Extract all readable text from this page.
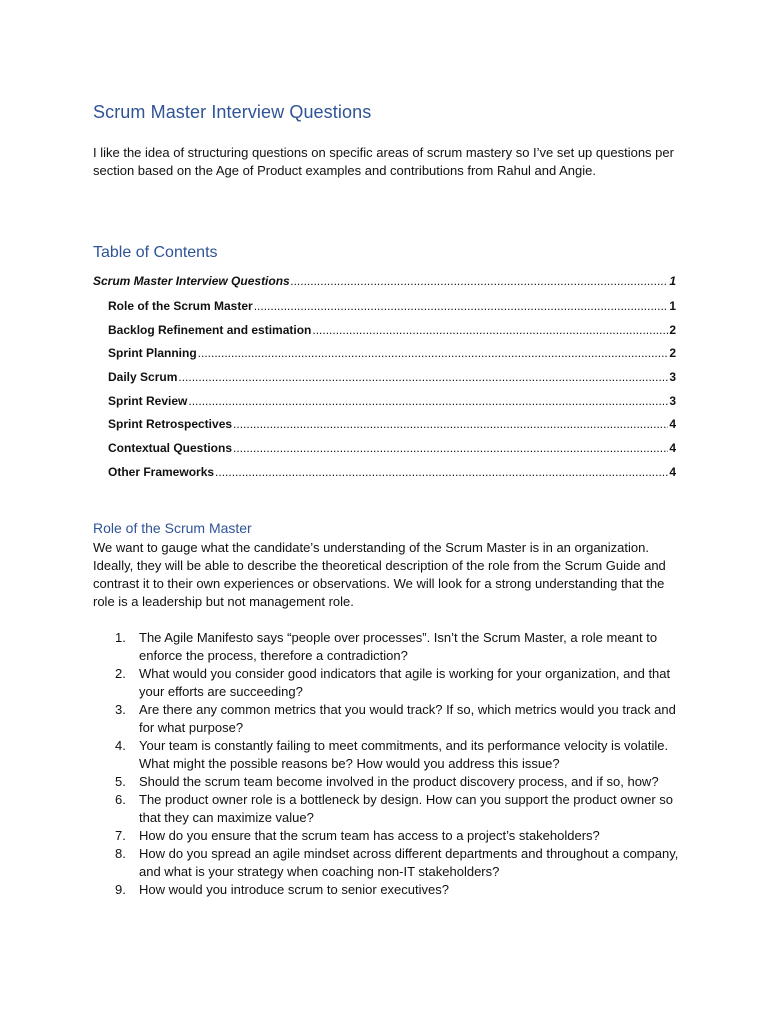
Scrum Master Interview Questions

I like the idea of structuring questions on specific areas of scrum mastery so I’ve set up questions per section based on the Age of Product examples and contributions from Rahul and Angie.

Table of Contents
Scrum Master Interview Questions .....	1
Role of the Scrum Master .....	1
Backlog Refinement and estimation .....	2
Sprint Planning .....	2
Daily Scrum .....	3
Sprint Review .....	3
Sprint Retrospectives .....	4
Contextual Questions .....	4
Other Frameworks .....	4
Role of the Scrum Master

We want to gauge what the candidate’s understanding of the Scrum Master is in an organization. Ideally, they will be able to describe the theoretical description of the role from the Scrum Guide and contrast it to their own experiences or observations. We will look for a strong understanding that the role is a leadership but not management role.

1. The Agile Manifesto says “people over processes”. Isn’t the Scrum Master, a role meant to enforce the process, therefore a contradiction?
2. What would you consider good indicators that agile is working for your organization, and that your efforts are succeeding?
3. Are there any common metrics that you would track? If so, which metrics would you track and for what purpose?
4. Your team is constantly failing to meet commitments, and its performance velocity is volatile. What might the possible reasons be? How would you address this issue?
5. Should the scrum team become involved in the product discovery process, and if so, how?
6. The product owner role is a bottleneck by design. How can you support the product owner so that they can maximize value?
7. How do you ensure that the scrum team has access to a project’s stakeholders?
8. How do you spread an agile mindset across different departments and throughout a company, and what is your strategy when coaching non-IT stakeholders?
9. How would you introduce scrum to senior executives?
